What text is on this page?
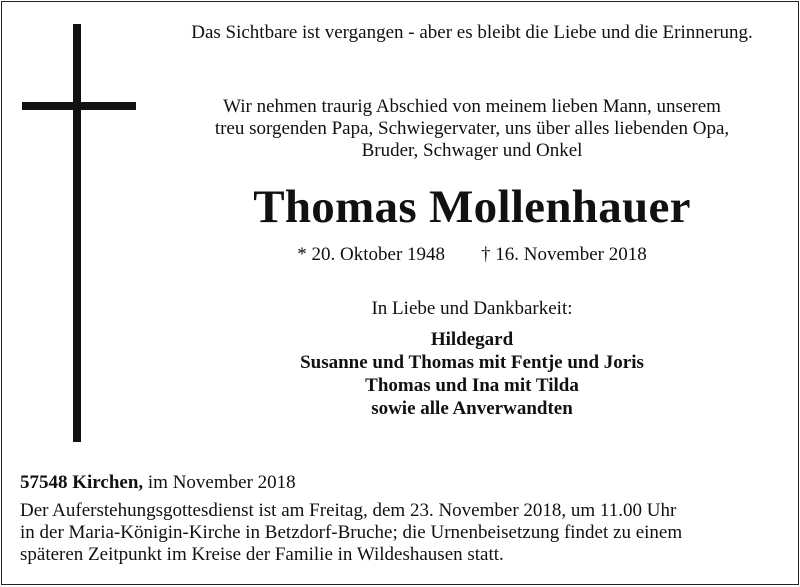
Das Sichtbare ist vergangen - aber es bleibt die Liebe und die Erinnerung.
Wir nehmen traurig Abschied von meinem lieben Mann, unserem
treu sorgenden Papa, Schwiegervater, uns über alles liebenden Opa,
Bruder, Schwager und Onkel
Thomas Mollenhauer
* 20. Oktober 1948 † 16. November 2018
In Liebe und Dankbarkeit:
Hildegard
Susanne und Thomas mit Fentje und Joris
Thomas und Ina mit Tilda
sowie alle Anverwandten
57548 Kirchen, im November 2018
Der Auferstehungsgottesdienst ist am Freitag, dem 23. November 2018, um 11.00 Uhr
in der Maria-Königin-Kirche in Betzdorf-Bruche; die Urnenbeisetzung findet zu einem
späteren Zeitpunkt im Kreise der Familie in Wildeshausen statt.
